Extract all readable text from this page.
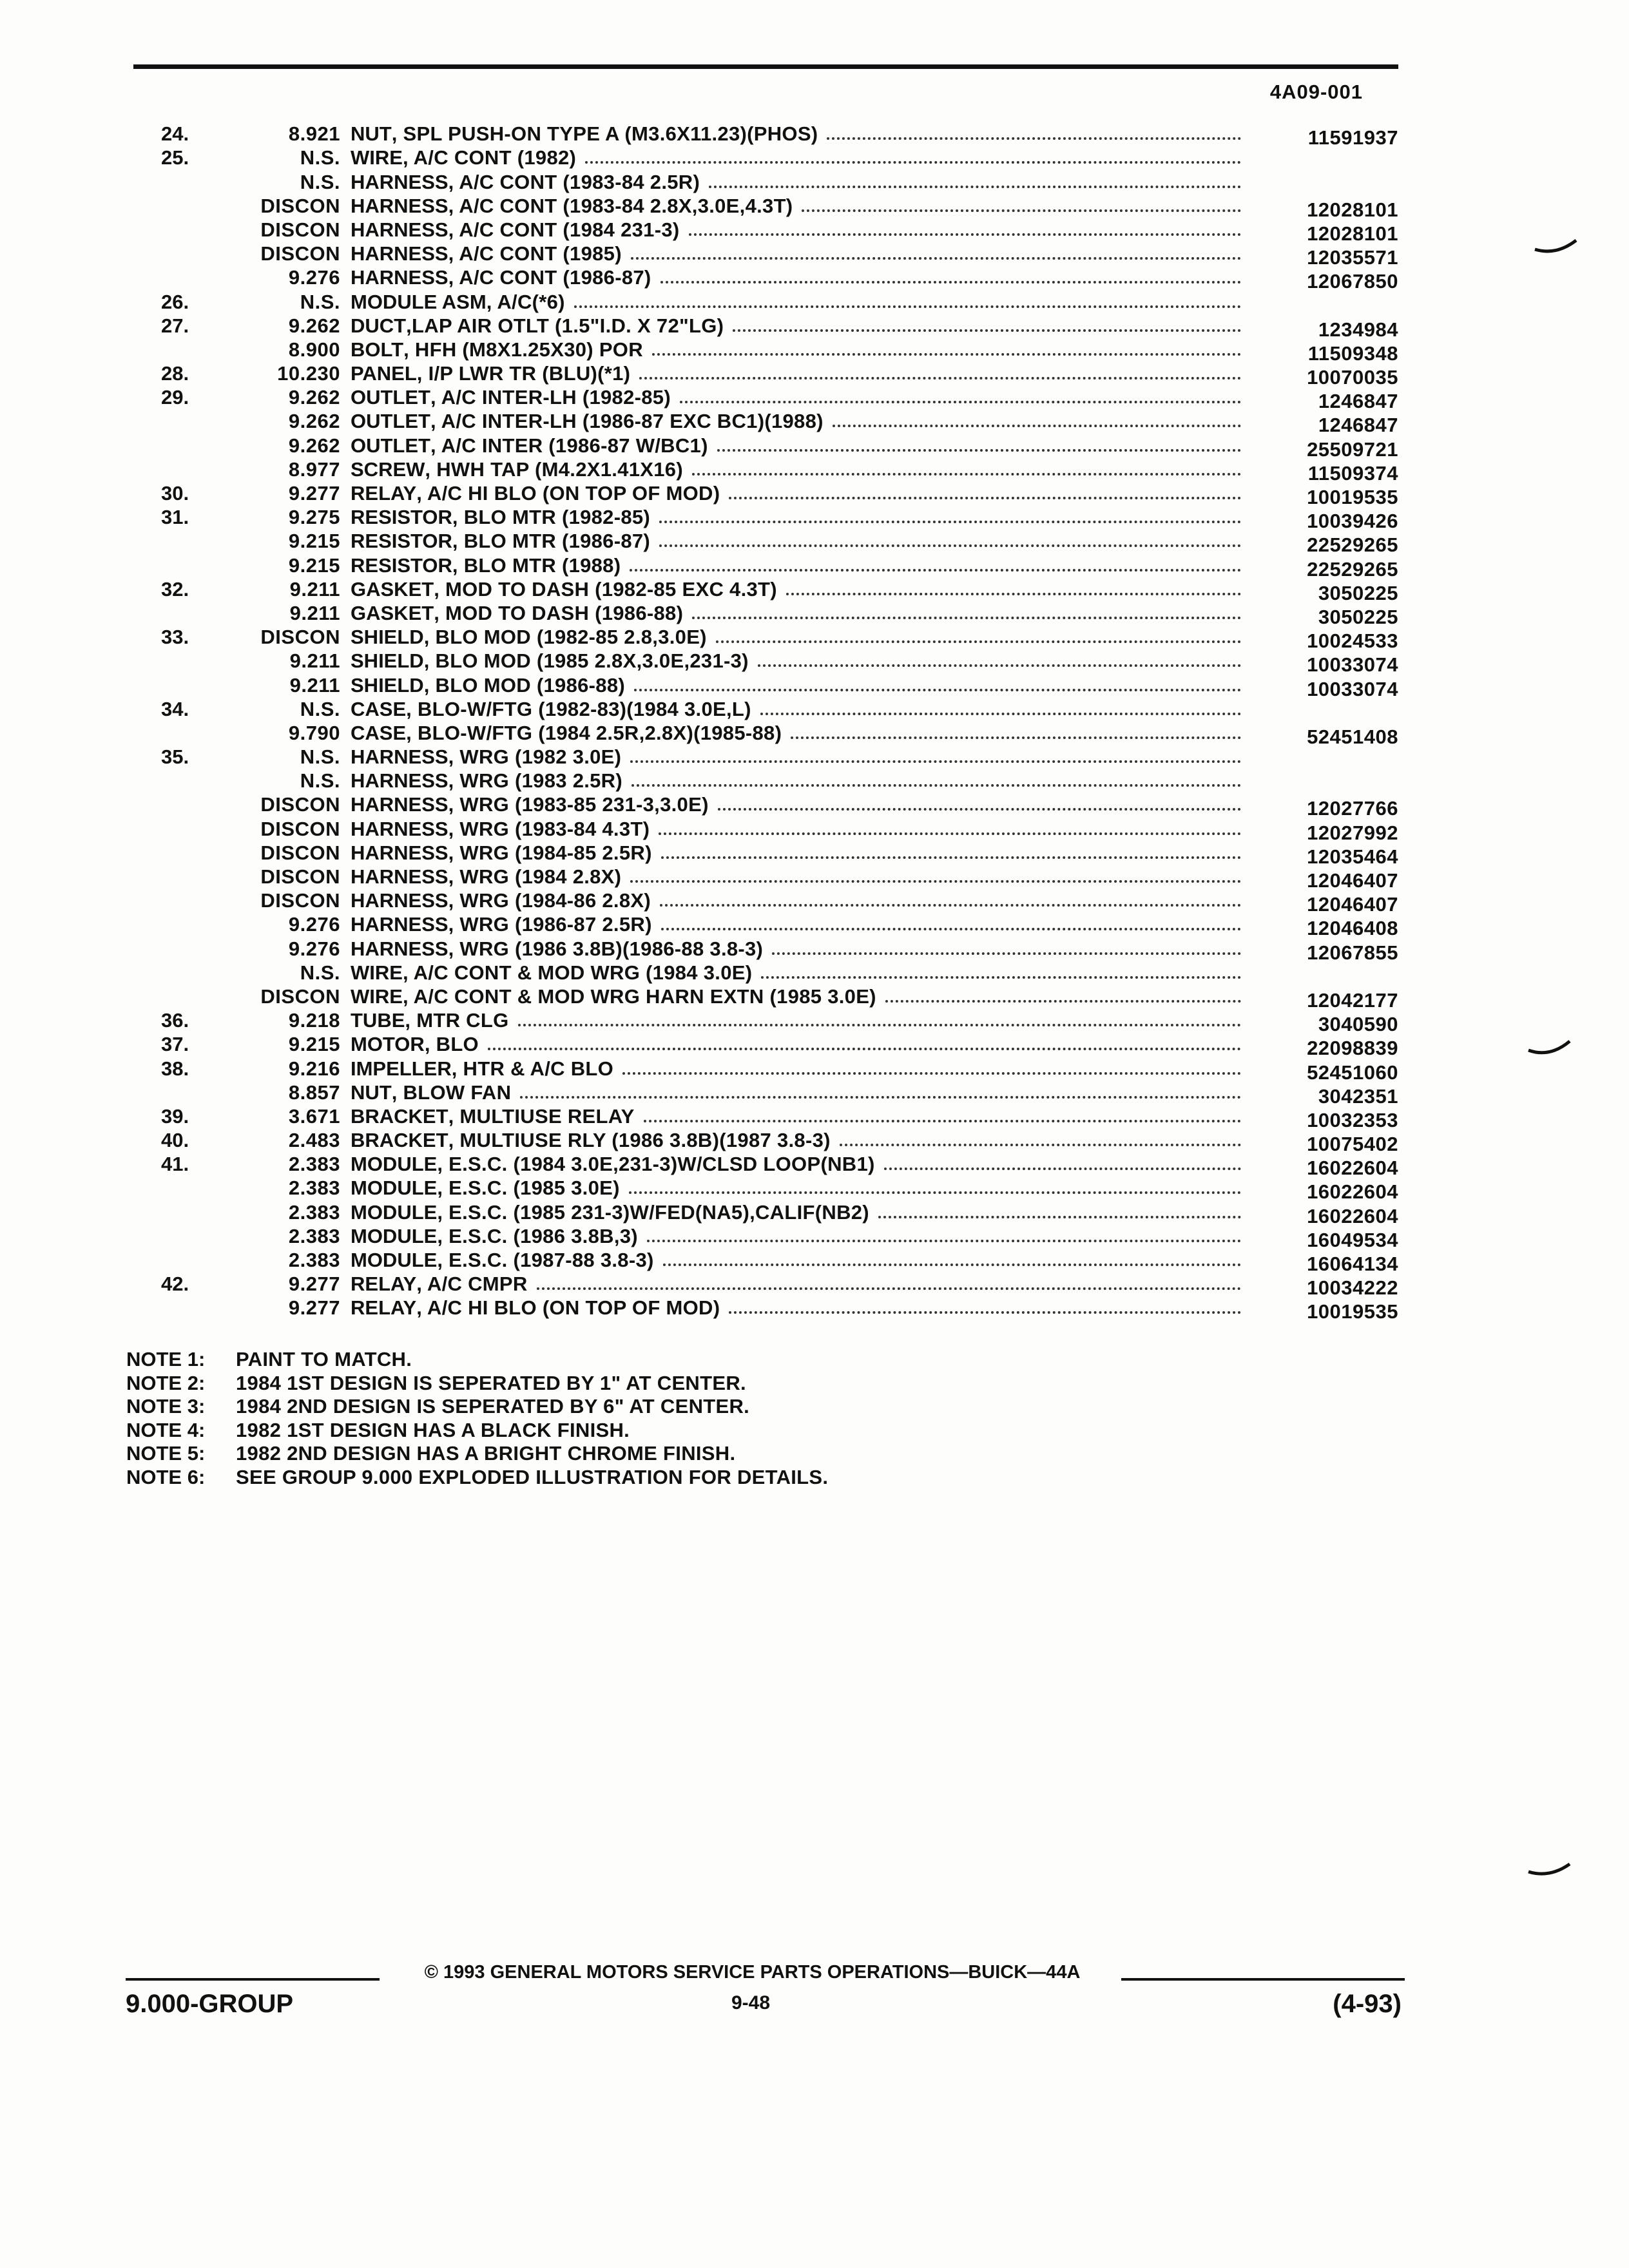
4A09-001
24.	8.921 NUT , SPL PUSH-ON TYPE A (M3.6X11.23)(PHOS)	11591937
25.	N.S. WIRE , A/C CONT (1982)
N.S. HARNESS , A/C CONT (1983-84 2.5R)
DISCON HARNESS , A/C CONT (1983-84 2.8X,3.0E,4.3T)	12028101
DISCON HARNESS , A/C CONT (1984 231-3)	12028101
DISCON HARNESS , A/C CONT (1985)	12035571
9.276 HARNESS , A/C CONT (1986-87)	12067850
26.	N.S. MODULE ASM , A/C(*6)
27.	9.262 DUCT ,LAP AIR OTLT (1.5"I.D. X 72"LG)	1234984
8.900 BOLT , HFH (M8X1.25X30) POR	11509348
28.	10.230 PANEL , I/P LWR TR (BLU)(*1)	10070035
29.	9.262 OUTLET , A/C INTER-LH (1982-85)	1246847
9.262 OUTLET , A/C INTER-LH (1986-87 EXC BC1)(1988)	1246847
9.262 OUTLET , A/C INTER (1986-87 W/BC1)	25509721
8.977 SCREW , HWH TAP (M4.2X1.41X16)	11509374
30.	9.277 RELAY , A/C HI BLO (ON TOP OF MOD)	10019535
31.	9.275 RESISTOR , BLO MTR (1982-85)	10039426
9.215 RESISTOR , BLO MTR (1986-87)	22529265
9.215 RESISTOR , BLO MTR (1988)	22529265
32.	9.211 GASKET , MOD TO DASH (1982-85 EXC 4.3T)	3050225
9.211 GASKET , MOD TO DASH (1986-88)	3050225
33.	DISCON SHIELD , BLO MOD (1982-85 2.8,3.0E)	10024533
9.211 SHIELD , BLO MOD (1985 2.8X,3.0E,231-3)	10033074
9.211 SHIELD , BLO MOD (1986-88)	10033074
34.	N.S. CASE , BLO-W/FTG (1982-83)(1984 3.0E,L)
9.790 CASE , BLO-W/FTG (1984 2.5R,2.8X)(1985-88)	52451408
35.	N.S. HARNESS , WRG (1982 3.0E)
N.S. HARNESS , WRG (1983 2.5R)
DISCON HARNESS , WRG (1983-85 231-3,3.0E)	12027766
DISCON HARNESS , WRG (1983-84 4.3T)	12027992
DISCON HARNESS , WRG (1984-85 2.5R)	12035464
DISCON HARNESS , WRG (1984 2.8X)	12046407
DISCON HARNESS , WRG (1984-86 2.8X)	12046407
9.276 HARNESS , WRG (1986-87 2.5R)	12046408
9.276 HARNESS , WRG (1986 3.8B)(1986-88 3.8-3)	12067855
N.S. WIRE , A/C CONT & MOD WRG (1984 3.0E)
DISCON WIRE , A/C CONT & MOD WRG HARN EXTN (1985 3.0E)	12042177
36.	9.218 TUBE , MTR CLG	3040590
37.	9.215 MOTOR , BLO	22098839
38.	9.216 IMPELLER , HTR & A/C BLO	52451060
8.857 NUT , BLOW FAN	3042351
39.	3.671 BRACKET , MULTIUSE RELAY	10032353
40.	2.483 BRACKET , MULTIUSE RLY (1986 3.8B)(1987 3.8-3)	10075402
41.	2.383 MODULE , E.S.C. (1984 3.0E,231-3)W/CLSD LOOP(NB1)	16022604
2.383 MODULE , E.S.C. (1985 3.0E)	16022604
2.383 MODULE , E.S.C. (1985 231-3)W/FED(NA5),CALIF(NB2)	16022604
2.383 MODULE , E.S.C. (1986 3.8B,3)	16049534
2.383 MODULE , E.S.C. (1987-88 3.8-3)	16064134
42.	9.277 RELAY , A/C CMPR	10034222
9.277 RELAY , A/C HI BLO (ON TOP OF MOD)	10019535
NOTE 1:	PAINT TO MATCH.
NOTE 2:	1984 1ST DESIGN IS SEPERATED BY 1" AT CENTER.
NOTE 3:	1984 2ND DESIGN IS SEPERATED BY 6" AT CENTER.
NOTE 4:	1982 1ST DESIGN HAS A BLACK FINISH.
NOTE 5:	1982 2ND DESIGN HAS A BRIGHT CHROME FINISH.
NOTE 6:	SEE GROUP 9.000 EXPLODED ILLUSTRATION FOR DETAILS.
© 1993 GENERAL MOTORS SERVICE PARTS OPERATIONS—BUICK—44A
9.000-GROUP	9-48	(4-93)
